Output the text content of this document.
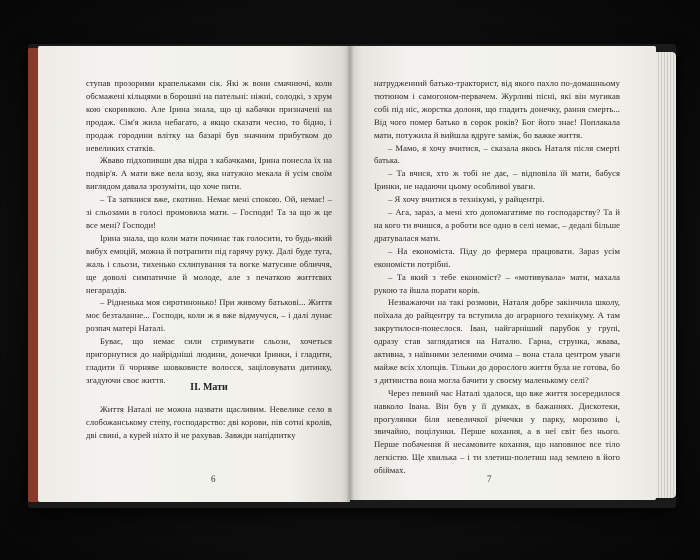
ступав прозорими крапельками сік. Які ж вони смачнючі, коли обсмажені кільцями в борошні на пательні: ніжні, солодкі, з хрум кою скоринкою. Але Ірина знала, що ці кабачки призначені на продаж. Сім'я жила небагато, а якщо сказати чесно, то бідно, і продаж городини влітку на базарі був значним прибутком до невеликих статків.

Жваво підхопивши два відра з кабачками, Ірина понесла їх на подвір'я. А мати вже вела козу, яка натужно мекала й усім своїм виглядом давала зрозуміти, що хоче пити.

– Та заткнися вже, скотино. Немає мені спокою. Ой, немає! – зі сльозами в голосі промовила мати. – Господи! Та за що ж це все мені? Господи!

Ірина знала, що коли мати починає так голосити, то будь-який вибух емоцій, можна й потрапити під гарячу руку. Далі буде туга, жаль і сльози, тихенько схлипування та вогке матусине обличчя, ще доволі симпатичне й молоде, але з печаткою життєвих негараздів.

– Рідненька моя сиротинонько! При живому батькові... Життя моє безталанне... Господи, коли ж я вже відмучуся, – і далі лунає розпач матері Наталі.

Буває, що немає сили стримувати сльози, хочеться пригорнутися до найрідніші людини, донечки Іринки, і гладити, гладити її чорняве шовковисте волосся, заціловувати дитинку, згадуючи своє життя.

ІІ. Мати

Життя Наталі не можна назвати щасливим. Невелике село в слобожанському степу, господарство: дві корови, пів сотні кролів, дві свині, а курей ніхто й не рахував. Завжди напідпитку

6

натрудженний батько-тракторист, від якого пахло по-домашньому тютюном і самогоном-первачем. Журливі пісні, які він мугикав собі під ніс, жорстка долоня, що гладить донечку, рання смерть... Від чого помер батько в сорок років? Бог його знає! Поплакала мати, потужила й вийшла вдруге заміж, бо важке життя.

– Мамо, я хочу вчитися, – сказала якось Наталя після смерті батька.

– Та вчися, хто ж тобі не дає, – відповіла їй мати, бабуся Іринки, не надаючи цьому особливої уваги.

– Я хочу вчитися в технікумі, у райцентрі.

– Ага, зараз, а мені хто допомагатиме по господарству? Та й на кого ти вчишся, а роботи все одно в селі немає, – дедалі більше дратувалася мати.

– На економіста. Піду до фермера працювати. Зараз усім економісти потрібні.

– Та який з тебе економіст? – «мотивувала» мати, махала рукою та йшла порати корів.

Незважаючи на такі розмови, Наталя добре закінчила школу, поїхала до райцентру та вступила до аграрного технікуму. А там закрутилося-понеслося. Іван, найгарніший парубок у групі, одразу став заглядатися на Наталю. Гарна, струнка, жвава, активна, з наївними зеленими очима – вона стала центром уваги майже всіх хлопців. Тільки до дорослого життя була не готова, бо з дитинства вона могла бачити у своєму маленькому селі?

Через певний час Наталі здалося, що вже життя зосередилося навколо Івана. Він був у її думках, в бажаннях. Дискотеки, прогулянки біля невеличкої річечки у парку, морозиво і, звичайно, поцілунки. Перше кохання, а в неї світ без нього. Перше побачення й несамовите кохання, що наповнює все тіло легкістю. Ще хвилька – і ти злетиш-полетиш над землею в його обіймах.

7
